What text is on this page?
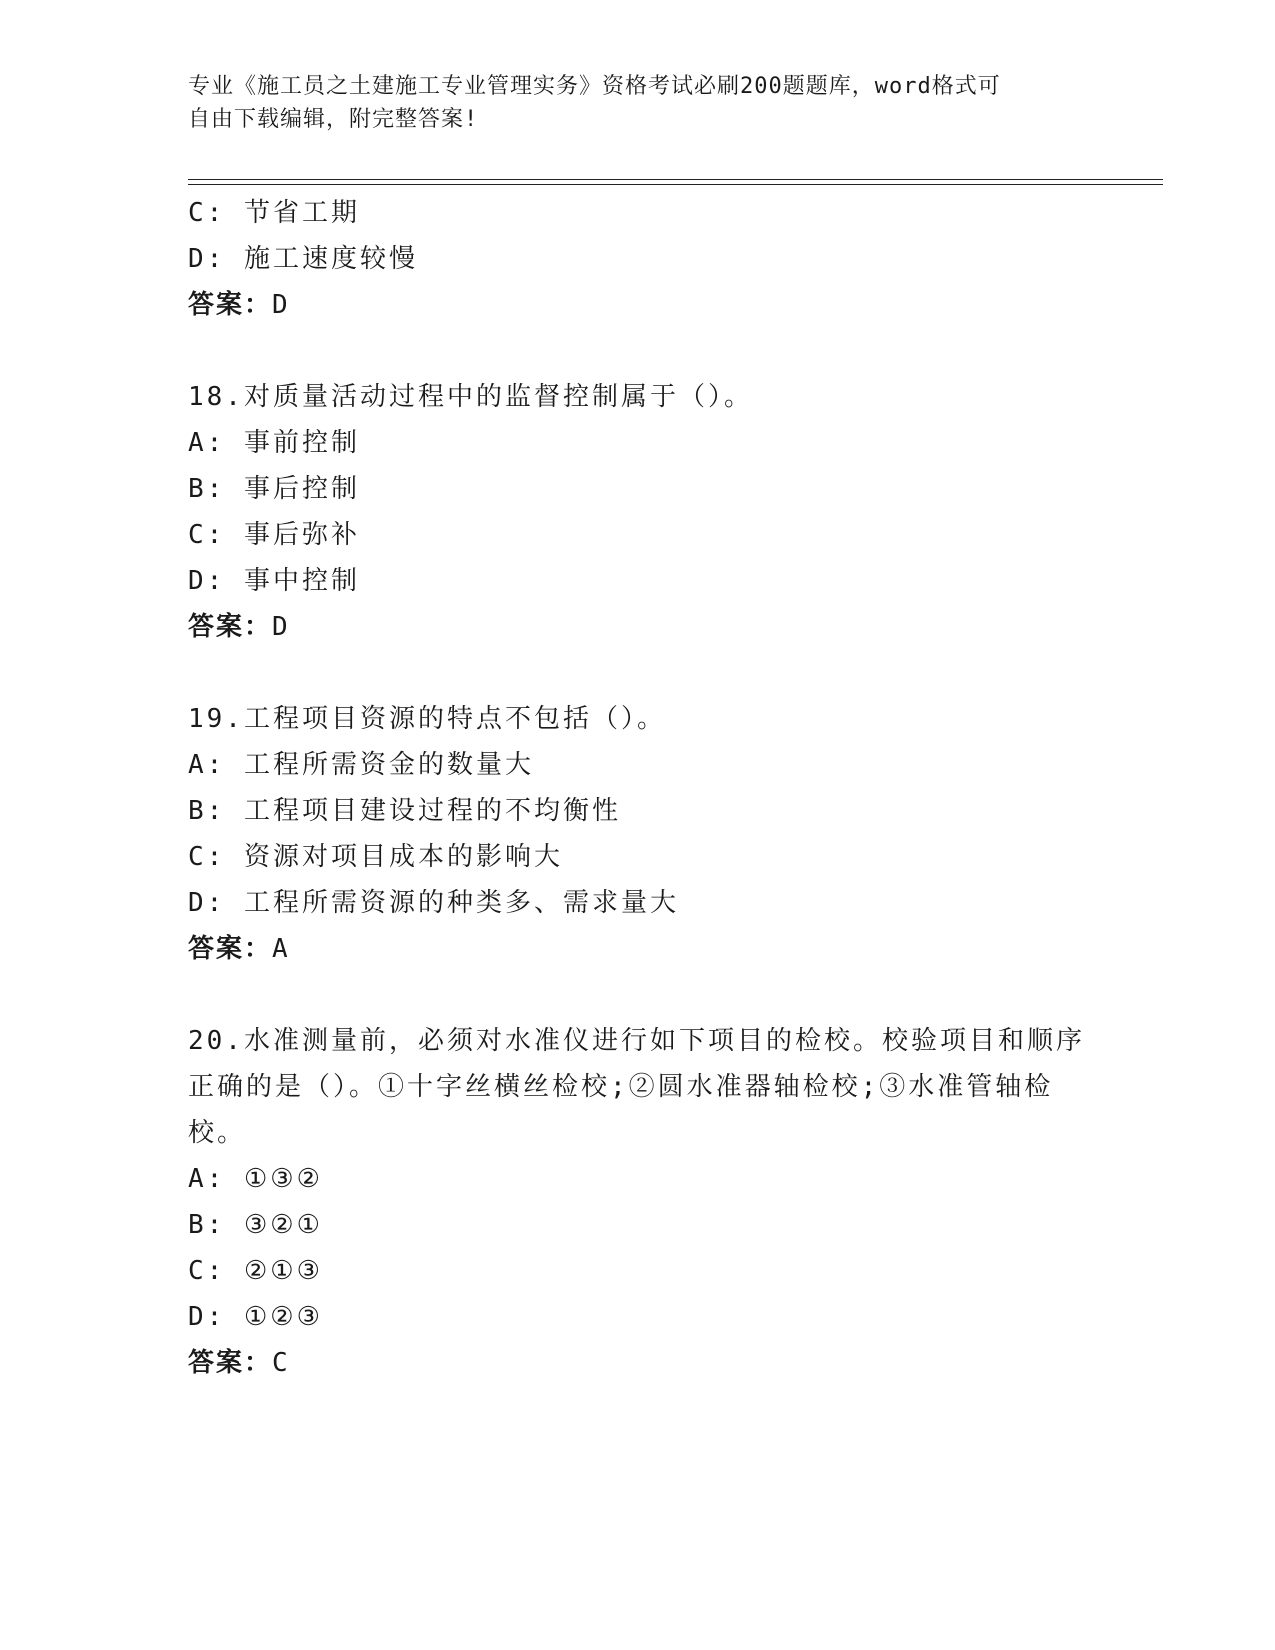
专业《施工员之土建施工专业管理实务》资格考试必刷200题题库，word格式可
自由下载编辑，附完整答案!
C: 节省工期
D: 施工速度较慢
答案：D
18.对质量活动过程中的监督控制属于（）。
A: 事前控制
B: 事后控制
C: 事后弥补
D: 事中控制
答案：D
19.工程项目资源的特点不包括（）。
A: 工程所需资金的数量大
B: 工程项目建设过程的不均衡性
C: 资源对项目成本的影响大
D: 工程所需资源的种类多、需求量大
答案：A
20.水准测量前，必须对水准仪进行如下项目的检校。校验项目和顺序
正确的是（）。①十字丝横丝检校;②圆水准器轴检校;③水准管轴检
校。
A: ①③②
B: ③②①
C: ②①③
D: ①②③
答案：C
